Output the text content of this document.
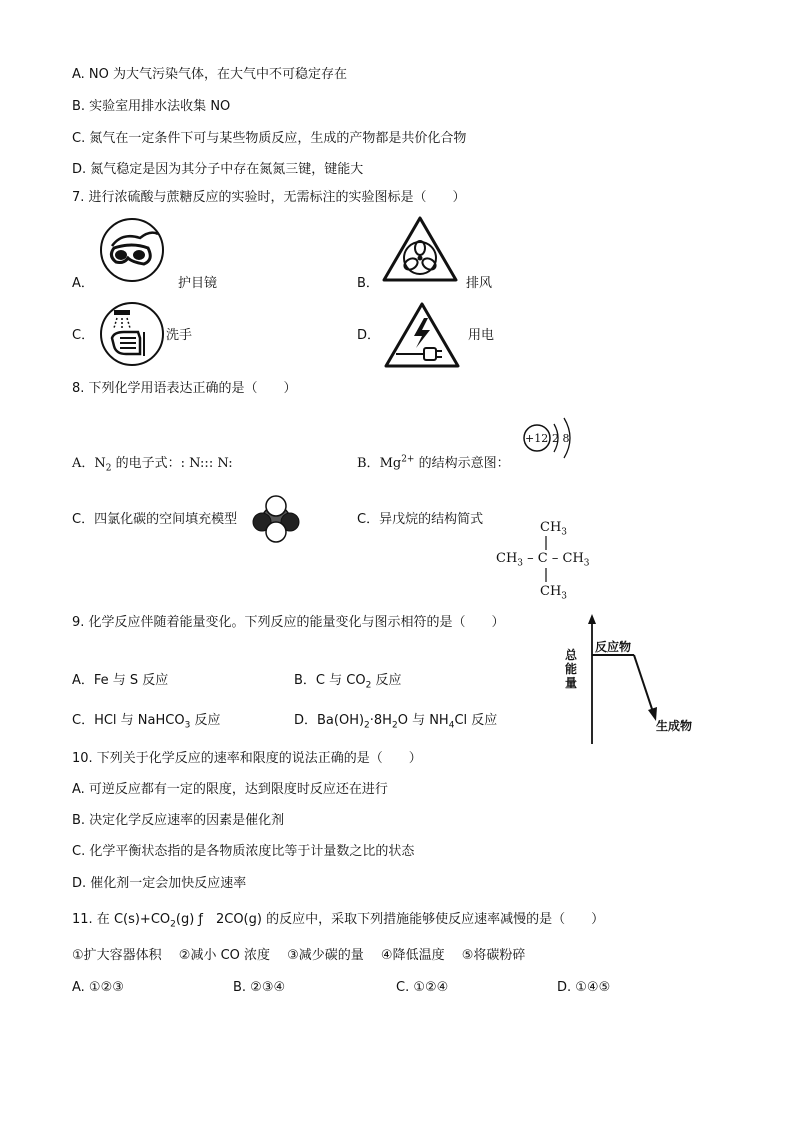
A. NO 为大气污染气体，在大气中不可稳定存在
B. 实验室用排水法收集 NO
C. 氮气在一定条件下可与某些物质反应，生成的产物都是共价化合物
D. 氮气稳定是因为其分子中存在氮氮三键，键能大
7. 进行浓硫酸与蔗糖反应的实验时，无需标注的实验图标是（　　）
A．	护目镜	B．	排风
C．	洗手	D．	用电
8. 下列化学用语表达正确的是（　　）
A．$N_2$ 的电子式：: N::: N:	B．$Mg^{2+}$ 的结构示意图：
+12 2 8
C．四氯化碳的空间填充模型	C．异戊烷的结构简式
$CH_3$
$CH_3$ – C – $CH_3$
$CH_3$
9. 化学反应伴随着能量变化。下列反应的能量变化与图示相符的是（　　）
A．Fe 与 S 反应	B．C 与 $CO_2$ 反应
C．HCl 与 NaHCO$_3$ 反应	D．$Ba(OH)_2\cdot 8H_2O$ 与 $NH_4Cl$ 反应
总能量
反应物
生成物
10. 下列关于化学反应的速率和限度的说法正确的是（　　）
A. 可逆反应都有一定的限度，达到限度时反应还在进行
B. 决定化学反应速率的因素是催化剂
C. 化学平衡状态指的是各物质浓度比等于计量数之比的状态
D. 催化剂一定会加快反应速率
11. 在 $C(s)+CO_2(g)$ ƒ　2CO(g) 的反应中，采取下列措施能够使反应速率减慢的是（　　）
①扩大容器体积　 ②减小 CO 浓度　 ③减少碳的量　 ④降低温度　 ⑤将碳粉碎
A. ①②③	B. ②③④	C. ①②④	D. ①④⑤
